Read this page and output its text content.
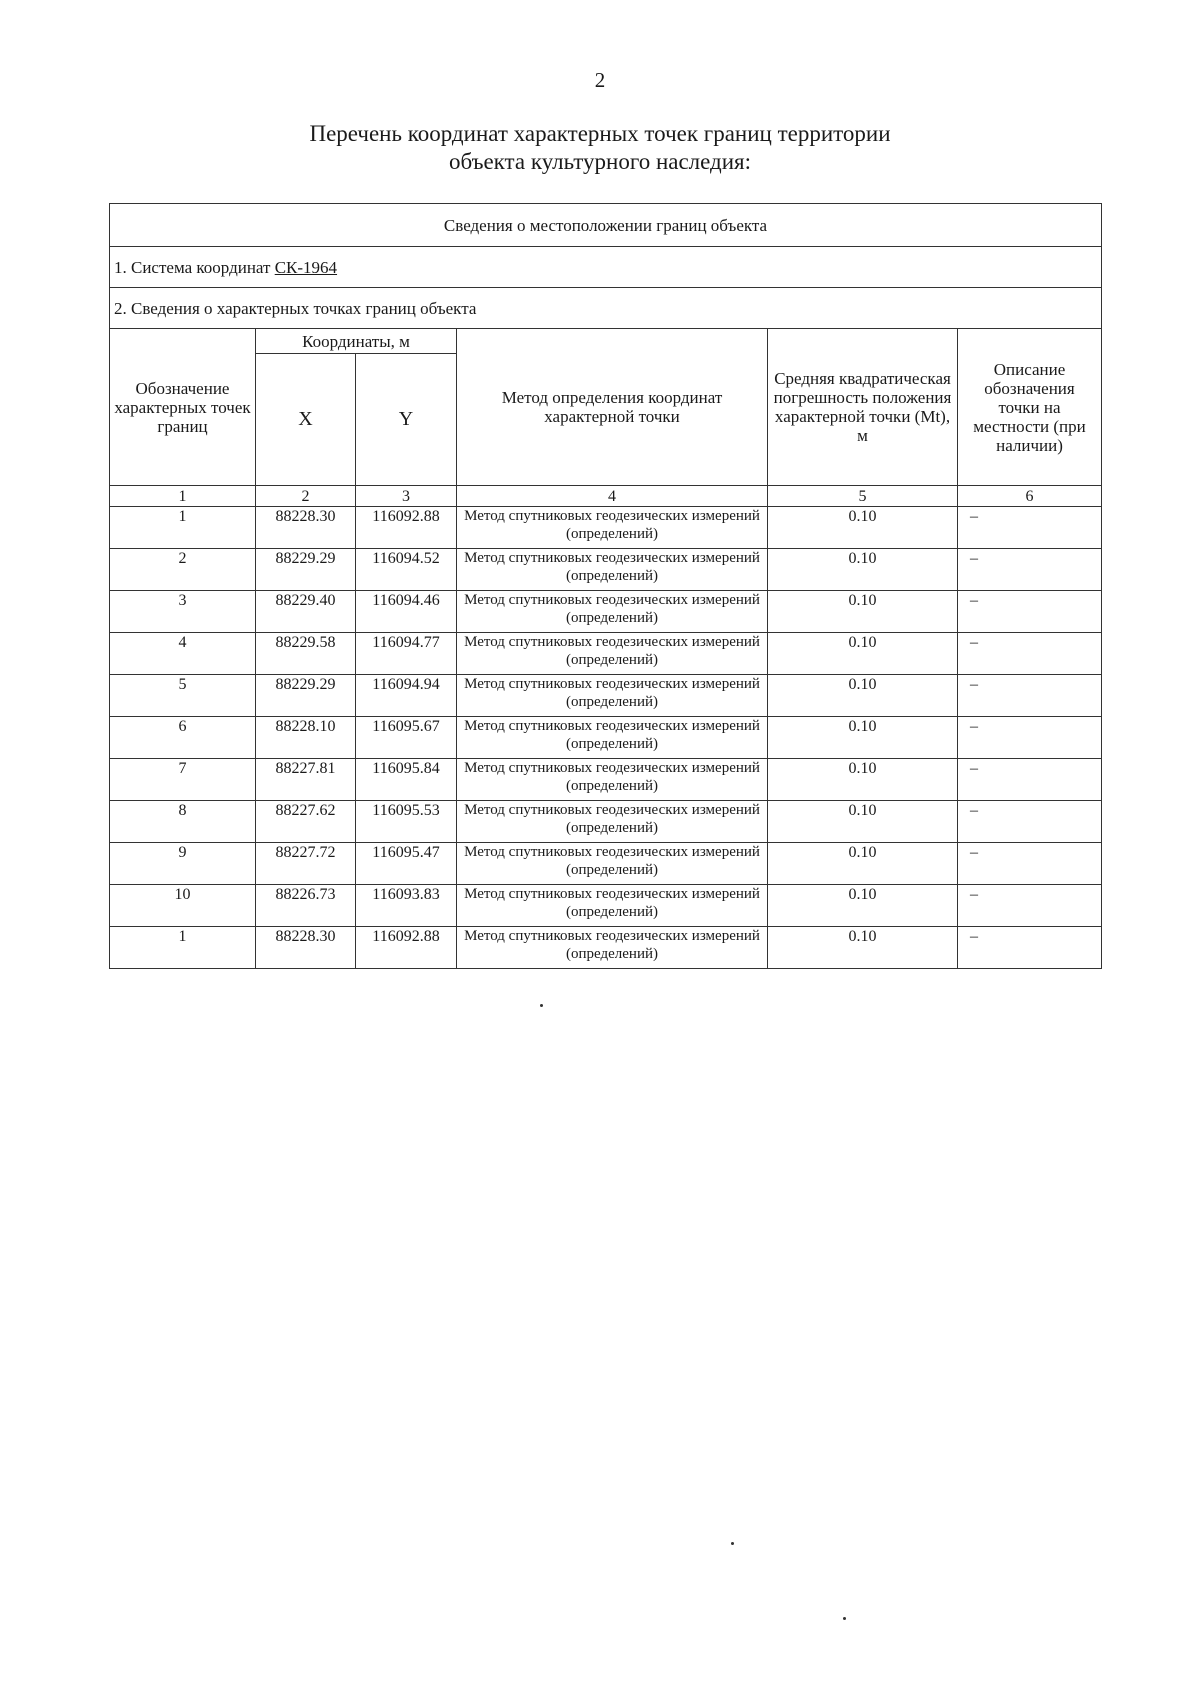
2
Перечень координат характерных точек границ территории
объекта культурного наследия:
Сведения о местоположении границ объекта					
1. Система координат СК-1964					
2. Сведения о характерных точках границ объекта					
Обозначение характерных точек границ	Координаты, м		Метод определения координат характерной точки	Средняя квадратическая погрешность положения характерной точки (Mt), м	Описание обозначения точки на местности (при наличии)
	X	Y			
1	2	3	4	5	6
1	88228.30	116092.88	Метод спутниковых геодезических измерений (определений)	0.10	–
2	88229.29	116094.52	Метод спутниковых геодезических измерений (определений)	0.10	–
3	88229.40	116094.46	Метод спутниковых геодезических измерений (определений)	0.10	–
4	88229.58	116094.77	Метод спутниковых геодезических измерений (определений)	0.10	–
5	88229.29	116094.94	Метод спутниковых геодезических измерений (определений)	0.10	–
6	88228.10	116095.67	Метод спутниковых геодезических измерений (определений)	0.10	–
7	88227.81	116095.84	Метод спутниковых геодезических измерений (определений)	0.10	–
8	88227.62	116095.53	Метод спутниковых геодезических измерений (определений)	0.10	–
9	88227.72	116095.47	Метод спутниковых геодезических измерений (определений)	0.10	–
10	88226.73	116093.83	Метод спутниковых геодезических измерений (определений)	0.10	–
1	88228.30	116092.88	Метод спутниковых геодезических измерений (определений)	0.10	–
